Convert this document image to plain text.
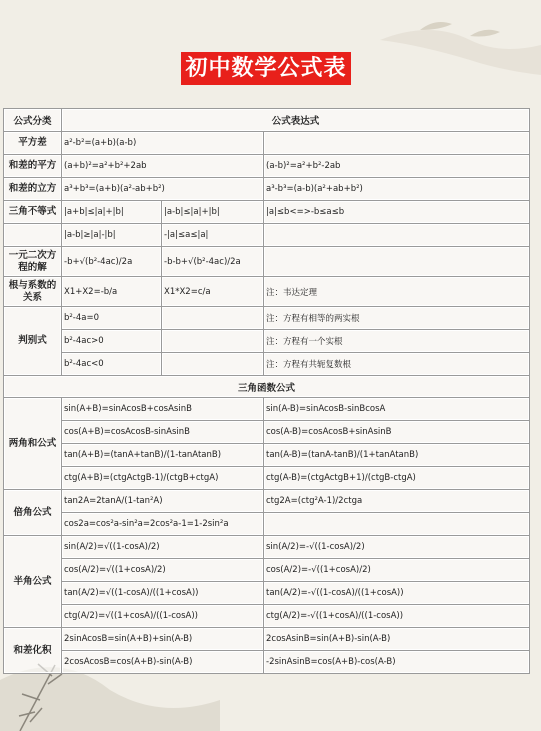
初中数学公式表
公式分类	公式表达式		
平方差	a²-b²=(a+b)(a-b)		
和差的平方	(a+b)²=a²+b²+2ab		(a-b)²=a²+b²-2ab
和差的立方	a³+b³=(a+b)(a²-ab+b²)		a³-b³=(a-b)(a²+ab+b²)
三角不等式	|a+b|≤|a|+|b|	|a-b|≤|a|+|b|	|a|≤b<=>-b≤a≤b
	|a-b|≥|a|-|b|	-|a|≤a≤|a|	
一元二次方程的解	-b+√(b²-4ac)/2a	-b-b+√(b²-4ac)/2a	
根与系数的关系	X1+X2=-b/a	X1*X2=c/a	注：韦达定理
判别式	b²-4a=0		注：方程有相等的两实根
	b²-4ac>0		注：方程有一个实根
	b²-4ac<0		注：方程有共轭复数根
三角函数公式			
两角和公式	sin(A+B)=sinAcosB+cosAsinB		sin(A-B)=sinAcosB-sinBcosA
	cos(A+B)=cosAcosB-sinAsinB		cos(A-B)=cosAcosB+sinAsinB
	tan(A+B)=(tanA+tanB)/(1-tanAtanB)		tan(A-B)=(tanA-tanB)/(1+tanAtanB)
	ctg(A+B)=(ctgActgB-1)/(ctgB+ctgA)		ctg(A-B)=(ctgActgB+1)/(ctgB-ctgA)
倍角公式	tan2A=2tanA/(1-tan²A)		ctg2A=(ctg²A-1)/2ctga
	cos2a=cos²a-sin²a=2cos²a-1=1-2sin²a		
半角公式	sin(A/2)=√((1-cosA)/2)		sin(A/2)=-√((1-cosA)/2)
	cos(A/2)=√((1+cosA)/2)		cos(A/2)=-√((1+cosA)/2)
	tan(A/2)=√((1-cosA)/((1+cosA))		tan(A/2)=-√((1-cosA)/((1+cosA))
	ctg(A/2)=√((1+cosA)/((1-cosA))		ctg(A/2)=-√((1+cosA)/((1-cosA))
和差化积	2sinAcosB=sin(A+B)+sin(A-B)		2cosAsinB=sin(A+B)-sin(A-B)
	2cosAcosB=cos(A+B)-sin(A-B)		-2sinAsinB=cos(A+B)-cos(A-B)
